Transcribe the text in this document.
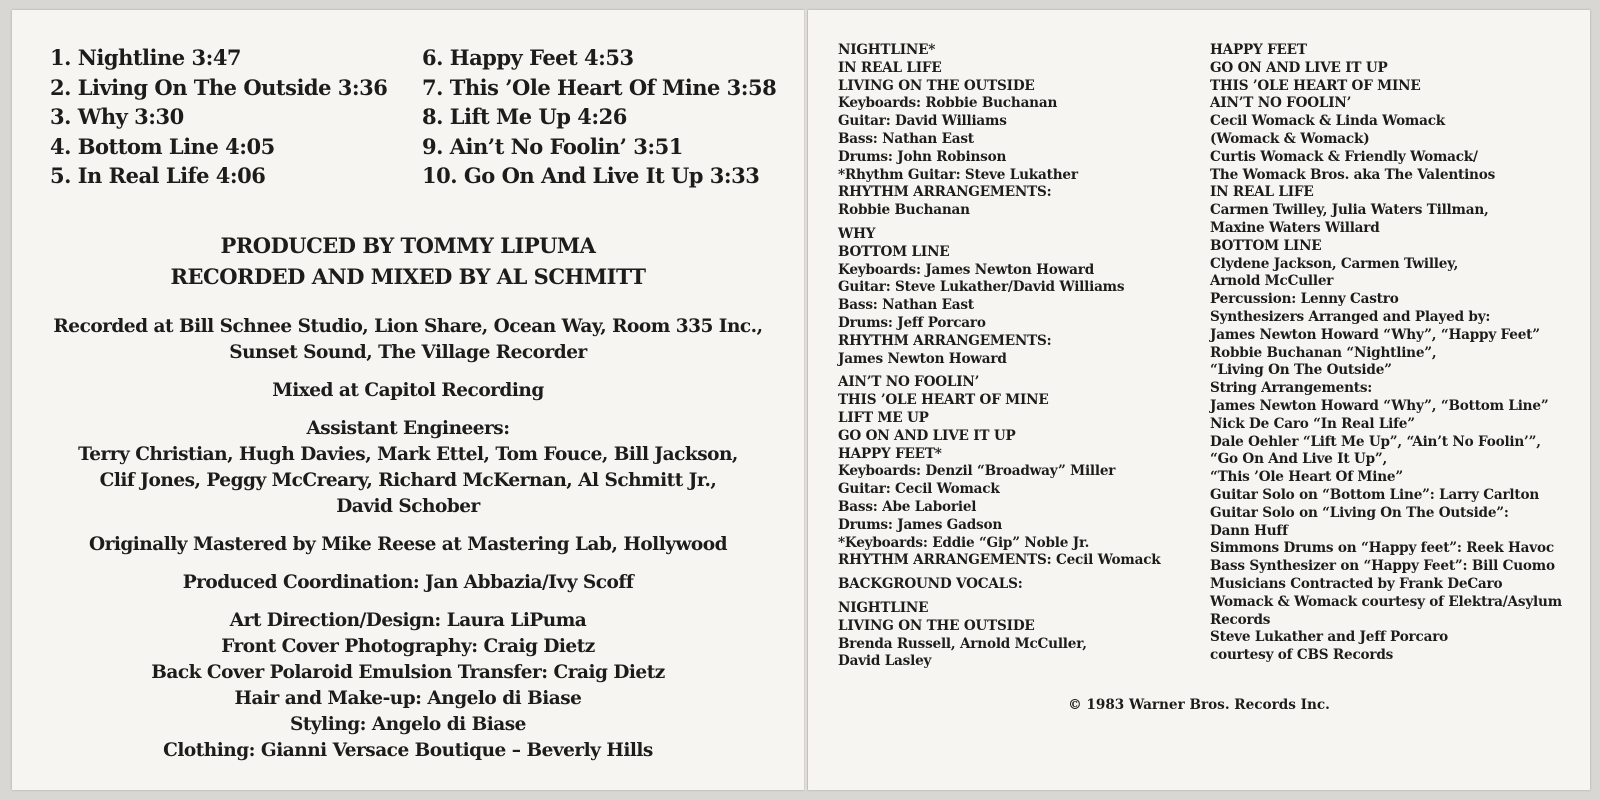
1. Nightline 3:47
2. Living On The Outside 3:36
3. Why 3:30
4. Bottom Line 4:05
5. In Real Life 4:06
6. Happy Feet 4:53
7. This ’Ole Heart Of Mine 3:58
8. Lift Me Up 4:26
9. Ain’t No Foolin’ 3:51
10. Go On And Live It Up 3:33
PRODUCED BY TOMMY LIPUMA
RECORDED AND MIXED BY AL SCHMITT
Recorded at Bill Schnee Studio, Lion Share, Ocean Way, Room 335 Inc.,
Sunset Sound, The Village Recorder
Mixed at Capitol Recording
Assistant Engineers:
Terry Christian, Hugh Davies, Mark Ettel, Tom Fouce, Bill Jackson,
Clif Jones, Peggy McCreary, Richard McKernan, Al Schmitt Jr.,
David Schober
Originally Mastered by Mike Reese at Mastering Lab, Hollywood
Produced Coordination: Jan Abbazia/Ivy Scoff
Art Direction/Design: Laura LiPuma
Front Cover Photography: Craig Dietz
Back Cover Polaroid Emulsion Transfer: Craig Dietz
Hair and Make-up: Angelo di Biase
Styling: Angelo di Biase
Clothing: Gianni Versace Boutique – Beverly Hills
NIGHTLINE*
IN REAL LIFE
LIVING ON THE OUTSIDE
Keyboards: Robbie Buchanan
Guitar: David Williams
Bass: Nathan East
Drums: John Robinson
*Rhythm Guitar: Steve Lukather
RHYTHM ARRANGEMENTS:
Robbie Buchanan
WHY
BOTTOM LINE
Keyboards: James Newton Howard
Guitar: Steve Lukather/David Williams
Bass: Nathan East
Drums: Jeff Porcaro
RHYTHM ARRANGEMENTS:
James Newton Howard
AIN’T NO FOOLIN’
THIS ’OLE HEART OF MINE
LIFT ME UP
GO ON AND LIVE IT UP
HAPPY FEET*
Keyboards: Denzil “Broadway” Miller
Guitar: Cecil Womack
Bass: Abe Laboriel
Drums: James Gadson
*Keyboards: Eddie “Gip” Noble Jr.
RHYTHM ARRANGEMENTS: Cecil Womack
BACKGROUND VOCALS:
NIGHTLINE
LIVING ON THE OUTSIDE
Brenda Russell, Arnold McCuller,
David Lasley
HAPPY FEET
GO ON AND LIVE IT UP
THIS ’OLE HEART OF MINE
AIN’T NO FOOLIN’
Cecil Womack & Linda Womack
(Womack & Womack)
Curtis Womack & Friendly Womack/
The Womack Bros. aka The Valentinos
IN REAL LIFE
Carmen Twilley, Julia Waters Tillman,
Maxine Waters Willard
BOTTOM LINE
Clydene Jackson, Carmen Twilley,
Arnold McCuller
Percussion: Lenny Castro
Synthesizers Arranged and Played by:
James Newton Howard “Why”, “Happy Feet”
Robbie Buchanan “Nightline”,
“Living On The Outside”
String Arrangements:
James Newton Howard “Why”, “Bottom Line”
Nick De Caro “In Real Life”
Dale Oehler “Lift Me Up”, “Ain’t No Foolin’”,
“Go On And Live It Up”,
“This ’Ole Heart Of Mine”
Guitar Solo on “Bottom Line”: Larry Carlton
Guitar Solo on “Living On The Outside”:
Dann Huff
Simmons Drums on “Happy feet”: Reek Havoc
Bass Synthesizer on “Happy Feet”: Bill Cuomo
Musicians Contracted by Frank DeCaro
Womack & Womack courtesy of Elektra/Asylum
Records
Steve Lukather and Jeff Porcaro
courtesy of CBS Records
© 1983 Warner Bros. Records Inc.
